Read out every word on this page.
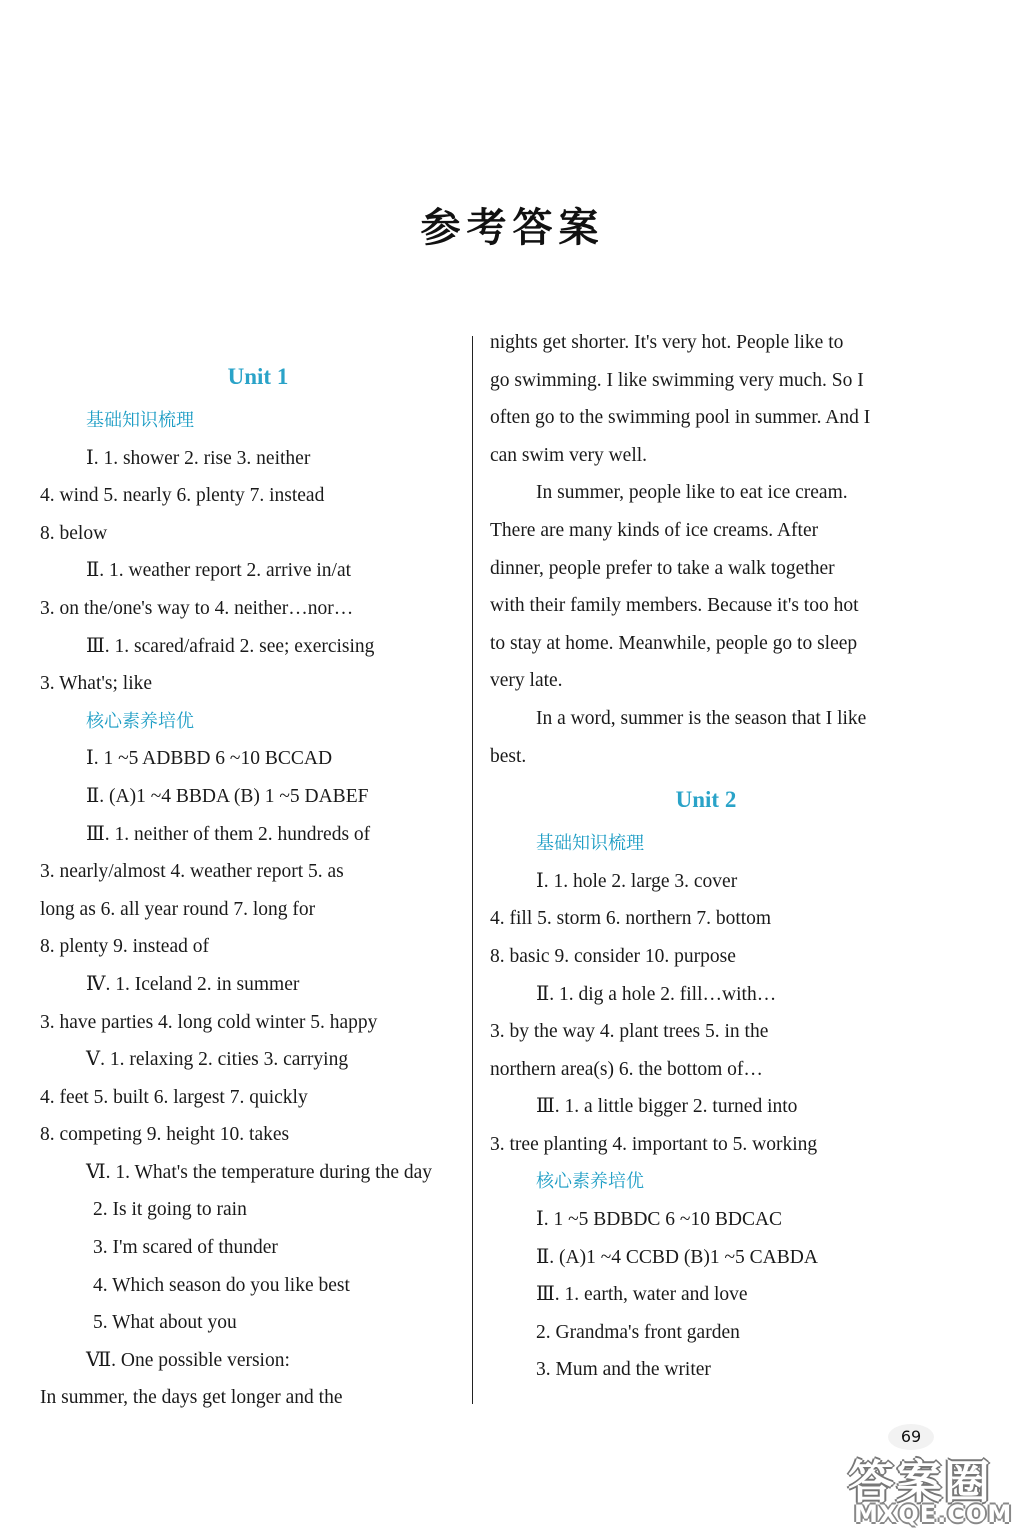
参考答案
Unit 1
基础知识梳理
Ⅰ. 1. shower 2. rise 3. neither
4. wind 5. nearly 6. plenty 7. instead
8. below
Ⅱ. 1. weather report 2. arrive in/at
3. on the/one's way to 4. neither…nor…
Ⅲ. 1. scared/afraid 2. see; exercising
3. What's; like
核心素养培优
Ⅰ. 1 ~5 ADBBD 6 ~10 BCCAD
Ⅱ. (A)1 ~4 BBDA (B) 1 ~5 DABEF
Ⅲ. 1. neither of them 2. hundreds of
3. nearly/almost 4. weather report 5. as
long as 6. all year round 7. long for
8. plenty 9. instead of
Ⅳ. 1. Iceland 2. in summer
3. have parties 4. long cold winter 5. happy
Ⅴ. 1. relaxing 2. cities 3. carrying
4. feet 5. built 6. largest 7. quickly
8. competing 9. height 10. takes
Ⅵ. 1. What's the temperature during the day
2. Is it going to rain
3. I'm scared of thunder
4. Which season do you like best
5. What about you
Ⅶ. One possible version:
In summer, the days get longer and the
nights get shorter. It's very hot. People like to
go swimming. I like swimming very much. So I
often go to the swimming pool in summer. And I
can swim very well.
In summer, people like to eat ice cream.
There are many kinds of ice creams. After
dinner, people prefer to take a walk together
with their family members. Because it's too hot
to stay at home. Meanwhile, people go to sleep
very late.
In a word, summer is the season that I like
best.
Unit 2
基础知识梳理
Ⅰ. 1. hole 2. large 3. cover
4. fill 5. storm 6. northern 7. bottom
8. basic 9. consider 10. purpose
Ⅱ. 1. dig a hole 2. fill…with…
3. by the way 4. plant trees 5. in the
northern area(s) 6. the bottom of…
Ⅲ. 1. a little bigger 2. turned into
3. tree planting 4. important to 5. working
核心素养培优
Ⅰ. 1 ~5 BDBDC 6 ~10 BDCAC
Ⅱ. (A)1 ~4 CCBD (B)1 ~5 CABDA
Ⅲ. 1. earth, water and love
2. Grandma's front garden
3. Mum and the writer
69
答案圈
MXQE.COM
